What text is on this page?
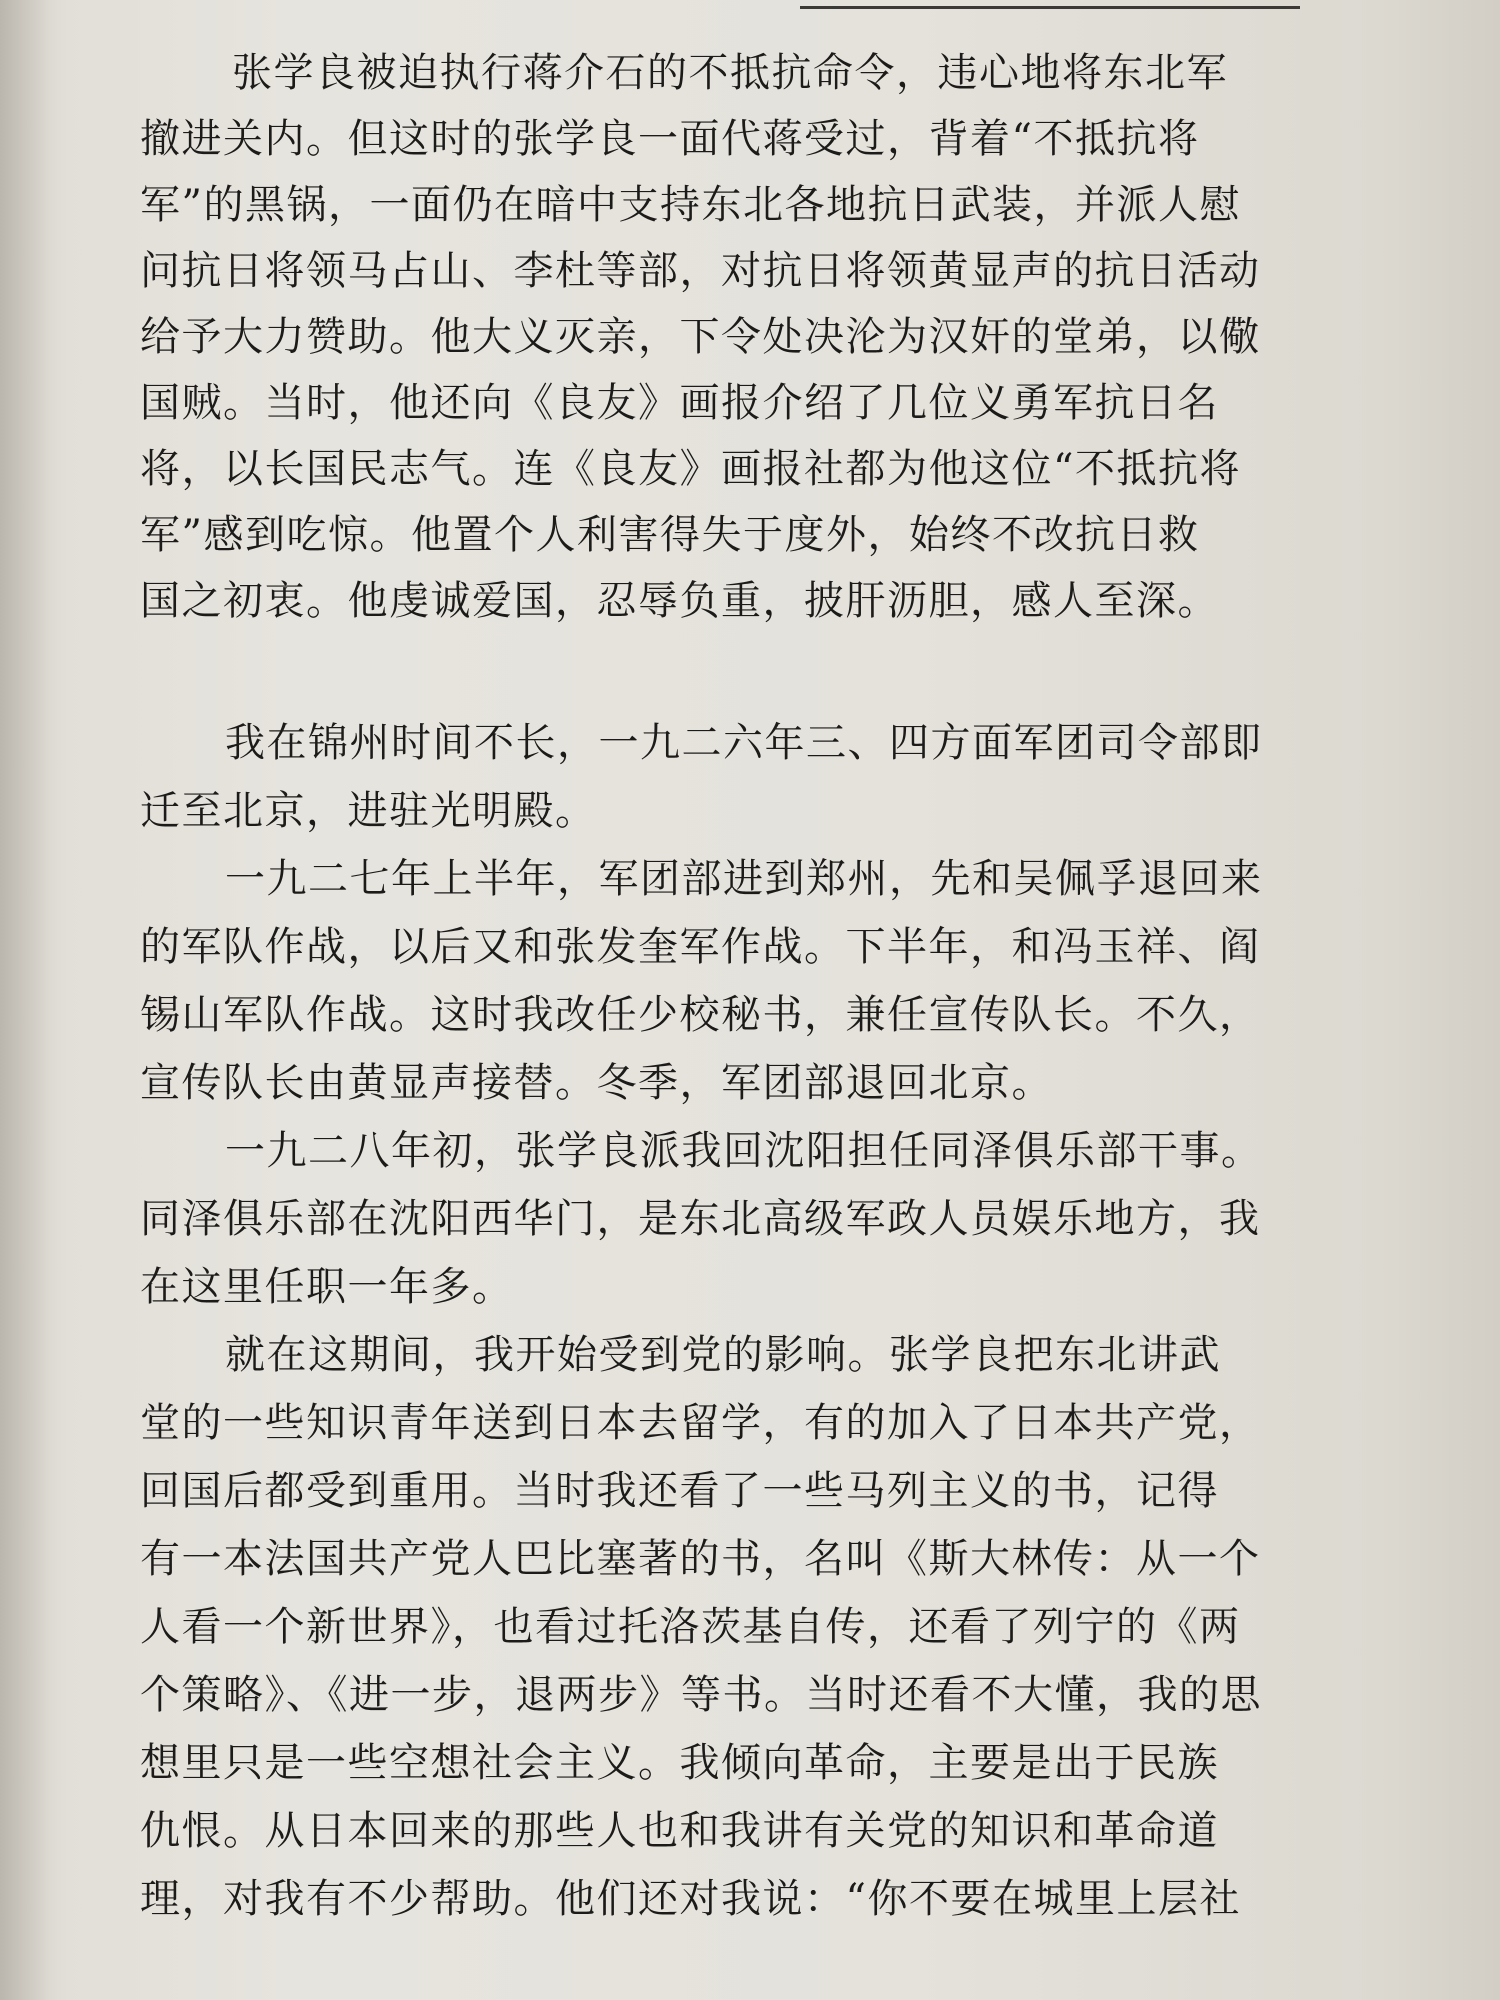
张学良被迫执行蒋介石的不抵抗命令，违心地将东北军
撤进关内。但这时的张学良一面代蒋受过，背着“不抵抗将
军”的黑锅，一面仍在暗中支持东北各地抗日武装，并派人慰
问抗日将领马占山、李杜等部，对抗日将领黄显声的抗日活动
给予大力赞助。他大义灭亲，下令处决沦为汉奸的堂弟，以儆
国贼。当时，他还向《良友》画报介绍了几位义勇军抗日名
将，以长国民志气。连《良友》画报社都为他这位“不抵抗将
军”感到吃惊。他置个人利害得失于度外，始终不改抗日救
国之初衷。他虔诚爱国，忍辱负重，披肝沥胆，感人至深。
我在锦州时间不长，一九二六年三、四方面军团司令部即
迁至北京，进驻光明殿。
一九二七年上半年，军团部进到郑州，先和吴佩孚退回来
的军队作战，以后又和张发奎军作战。下半年，和冯玉祥、阎
锡山军队作战。这时我改任少校秘书，兼任宣传队长。不久，
宣传队长由黄显声接替。冬季，军团部退回北京。
一九二八年初，张学良派我回沈阳担任同泽俱乐部干事。
同泽俱乐部在沈阳西华门，是东北高级军政人员娱乐地方，我
在这里任职一年多。
就在这期间，我开始受到党的影响。张学良把东北讲武
堂的一些知识青年送到日本去留学，有的加入了日本共产党，
回国后都受到重用。当时我还看了一些马列主义的书，记得
有一本法国共产党人巴比塞著的书，名叫《斯大林传：从一个
人看一个新世界》，也看过托洛茨基自传，还看了列宁的《两
个策略》、《进一步，退两步》等书。当时还看不大懂，我的思
想里只是一些空想社会主义。我倾向革命，主要是出于民族
仇恨。从日本回来的那些人也和我讲有关党的知识和革命道
理，对我有不少帮助。他们还对我说：“你不要在城里上层社
